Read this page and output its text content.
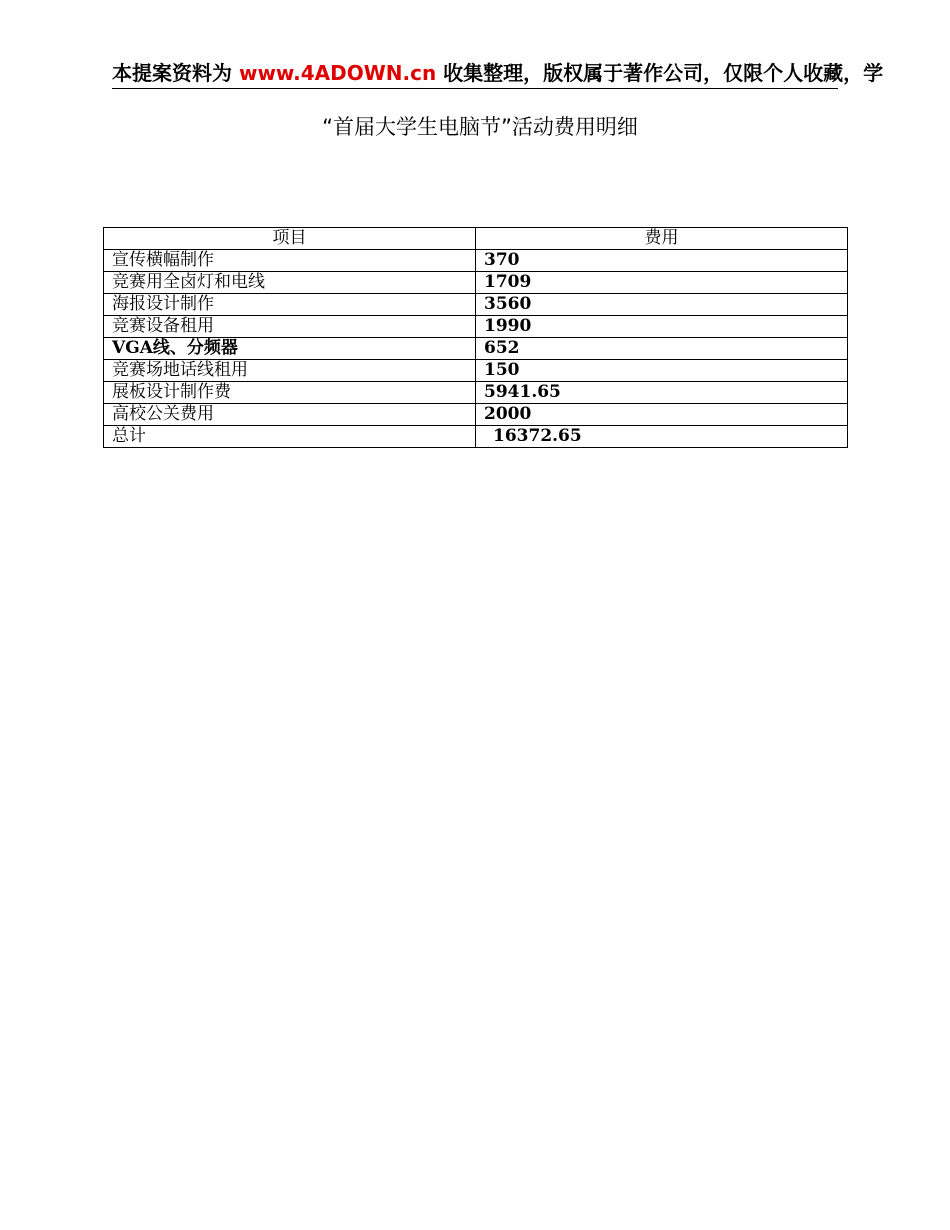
本提案资料为 www.4ADOWN.cn 收集整理，版权属于著作公司，仅限个人收藏，学
“首届大学生电脑节”活动费用明细
项目	费用
宣传横幅制作	370
竞赛用全卤灯和电线	1709
海报设计制作	3560
竞赛设备租用	1990
VGA线、分频器	652
竞赛场地话线租用	150
展板设计制作费	5941.65
高校公关费用	2000
总计	16372.65
